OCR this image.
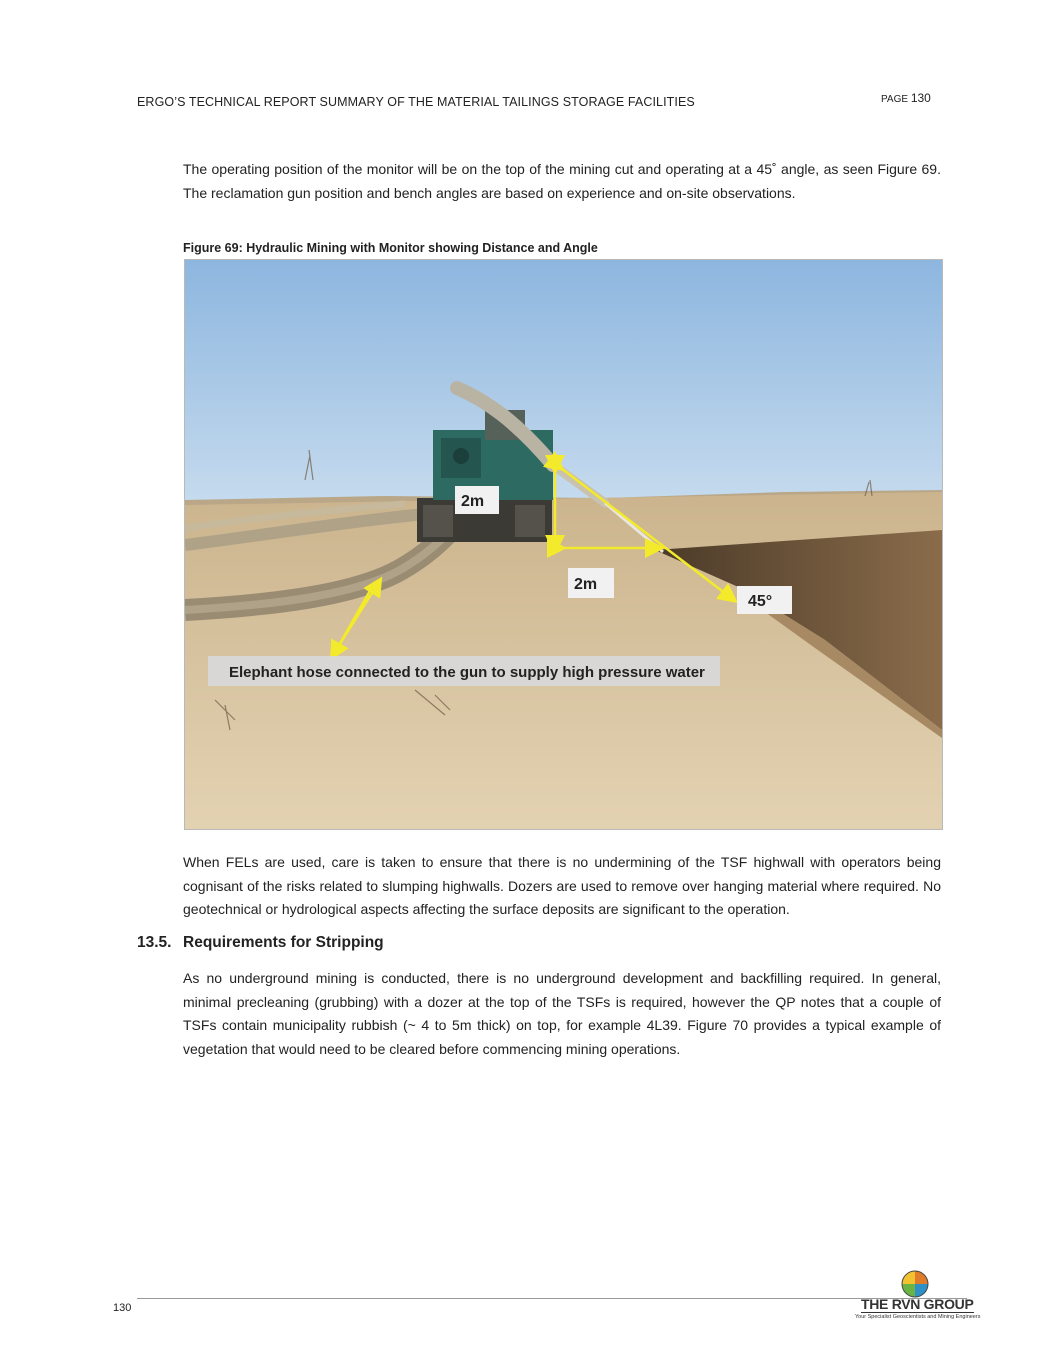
ERGO’S TECHNICAL REPORT SUMMARY OF THE MATERIAL TAILINGS STORAGE FACILITIES	PAGE 130
The operating position of the monitor will be on the top of the mining cut and operating at a 45˚ angle, as seen Figure 69. The reclamation gun position and bench angles are based on experience and on-site observations.
Figure 69: Hydraulic Mining with Monitor showing Distance and Angle
2m
2m
45°
Elephant hose connected to the gun to supply high pressure water
When FELs are used, care is taken to ensure that there is no undermining of the TSF highwall with operators being cognisant of the risks related to slumping highwalls. Dozers are used to remove over hanging material where required. No geotechnical or hydrological aspects affecting the surface deposits are significant to the operation.
13.5. Requirements for Stripping
As no underground mining is conducted, there is no underground development and backfilling required. In general, minimal precleaning (grubbing) with a dozer at the top of the TSFs is required, however the QP notes that a couple of TSFs contain municipality rubbish (~ 4 to 5m thick) on top, for example 4L39. Figure 70 provides a typical example of vegetation that would need to be cleared before commencing mining operations.
130	THE RVN GROUP
Your Specialist Geoscientists and Mining Engineers
